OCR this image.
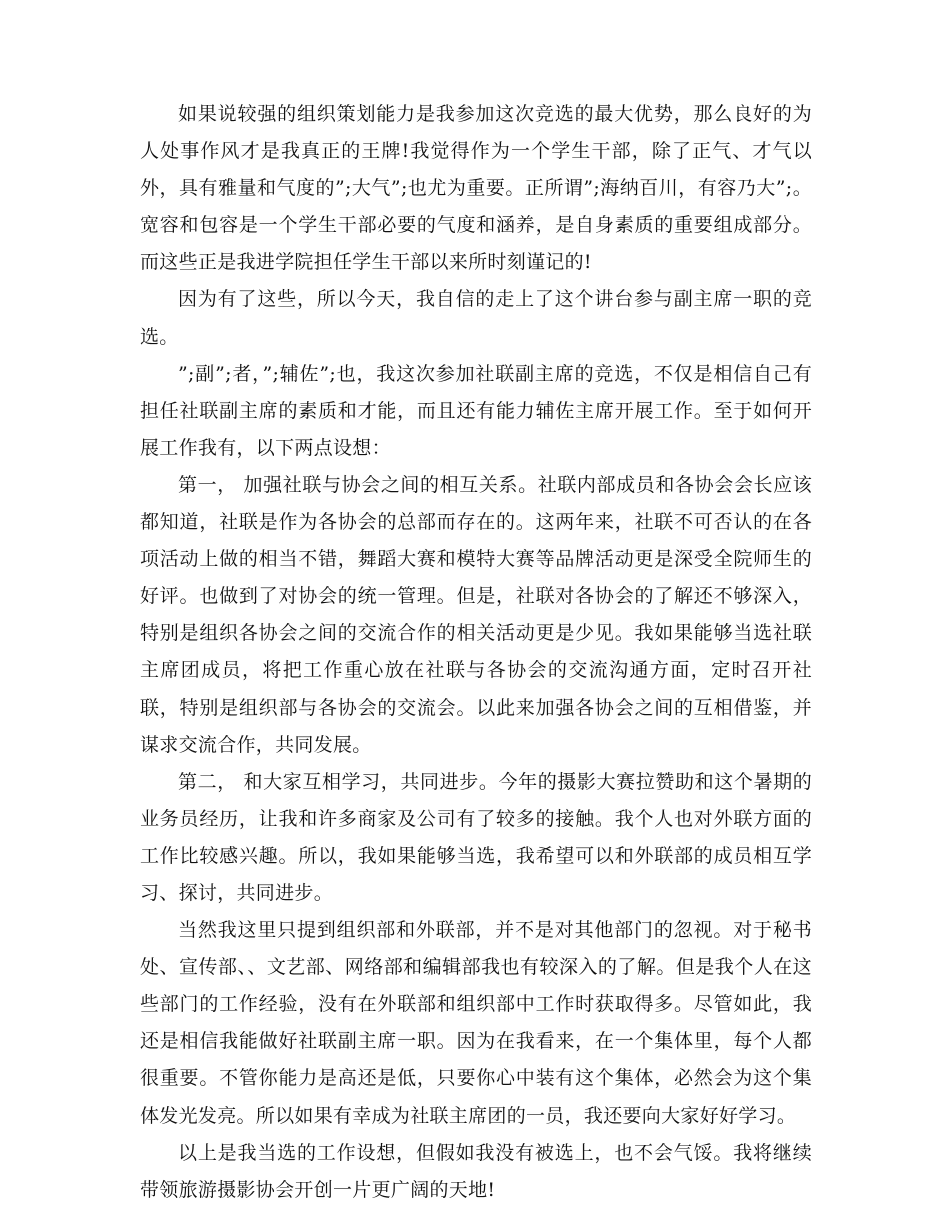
如果说较强的组织策划能力是我参加这次竞选的最大优势，那么良好的为人处事作风才是我真正的王牌!我觉得作为一个学生干部，除了正气、才气以外，具有雅量和气度的”;大气”;也尤为重要。正所谓”;海纳百川，有容乃大”;。宽容和包容是一个学生干部必要的气度和涵养，是自身素质的重要组成部分。而这些正是我进学院担任学生干部以来所时刻谨记的!

因为有了这些，所以今天，我自信的走上了这个讲台参与副主席一职的竞选。

”;副”;者，”;辅佐”;也，我这次参加社联副主席的竞选，不仅是相信自己有担任社联副主席的素质和才能，而且还有能力辅佐主席开展工作。至于如何开展工作我有，以下两点设想：

第一， 加强社联与协会之间的相互关系。社联内部成员和各协会会长应该都知道，社联是作为各协会的总部而存在的。这两年来，社联不可否认的在各项活动上做的相当不错，舞蹈大赛和模特大赛等品牌活动更是深受全院师生的好评。也做到了对协会的统一管理。但是，社联对各协会的了解还不够深入，特别是组织各协会之间的交流合作的相关活动更是少见。我如果能够当选社联主席团成员，将把工作重心放在社联与各协会的交流沟通方面，定时召开社联，特别是组织部与各协会的交流会。以此来加强各协会之间的互相借鉴，并谋求交流合作，共同发展。

第二， 和大家互相学习，共同进步。今年的摄影大赛拉赞助和这个暑期的业务员经历，让我和许多商家及公司有了较多的接触。我个人也对外联方面的工作比较感兴趣。所以，我如果能够当选，我希望可以和外联部的成员相互学习、探讨，共同进步。

当然我这里只提到组织部和外联部，并不是对其他部门的忽视。对于秘书处、宣传部、、文艺部、网络部和编辑部我也有较深入的了解。但是我个人在这些部门的工作经验，没有在外联部和组织部中工作时获取得多。尽管如此，我还是相信我能做好社联副主席一职。因为在我看来，在一个集体里，每个人都很重要。不管你能力是高还是低，只要你心中装有这个集体，必然会为这个集体发光发亮。所以如果有幸成为社联主席团的一员，我还要向大家好好学习。

以上是我当选的工作设想，但假如我没有被选上，也不会气馁。我将继续带领旅游摄影协会开创一片更广阔的天地!
